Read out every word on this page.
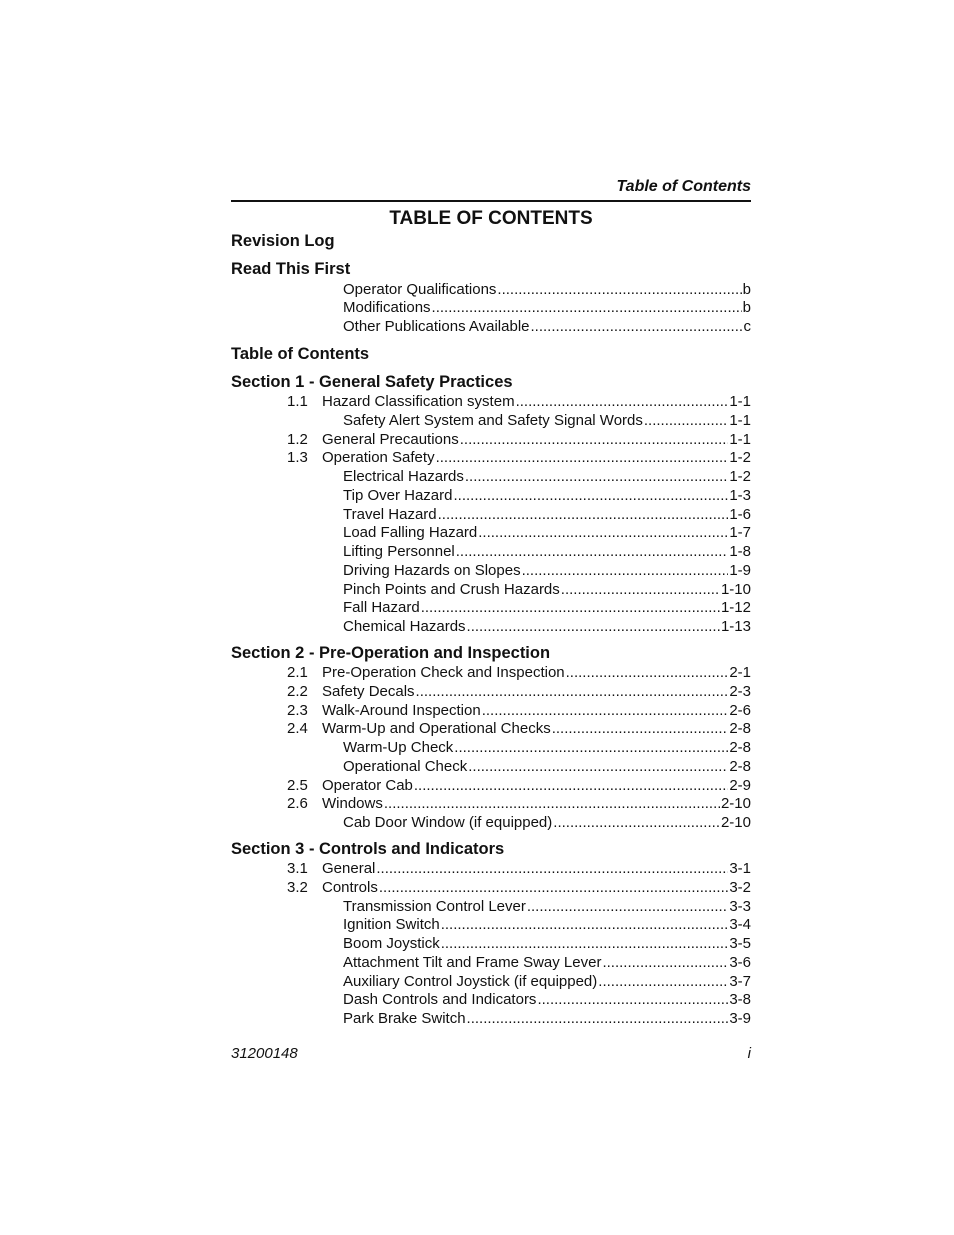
Table of Contents
TABLE OF CONTENTS
Revision Log
Read This First
Operator Qualifications .....	b
Modifications .....	b
Other Publications Available .....	c
Table of Contents
Section 1 - General Safety Practices
1.1 Hazard Classification system .....	1-1
Safety Alert System and Safety Signal Words .....	1-1
1.2 General Precautions .....	1-1
1.3 Operation Safety .....	1-2
Electrical Hazards .....	1-2
Tip Over Hazard .....	1-3
Travel Hazard .....	1-6
Load Falling Hazard .....	1-7
Lifting Personnel .....	1-8
Driving Hazards on Slopes .....	1-9
Pinch Points and Crush Hazards .....	1-10
Fall Hazard .....	1-12
Chemical Hazards .....	1-13
Section 2 - Pre-Operation and Inspection
2.1 Pre-Operation Check and Inspection .....	2-1
2.2 Safety Decals .....	2-3
2.3 Walk-Around Inspection .....	2-6
2.4 Warm-Up and Operational Checks .....	2-8
Warm-Up Check .....	2-8
Operational Check .....	2-8
2.5 Operator Cab .....	2-9
2.6 Windows .....	2-10
Cab Door Window (if equipped) .....	2-10
Section 3 - Controls and Indicators
3.1 General .....	3-1
3.2 Controls .....	3-2
Transmission Control Lever .....	3-3
Ignition Switch .....	3-4
Boom Joystick .....	3-5
Attachment Tilt and Frame Sway Lever .....	3-6
Auxiliary Control Joystick (if equipped) .....	3-7
Dash Controls and Indicators .....	3-8
Park Brake Switch .....	3-9
31200148	i
